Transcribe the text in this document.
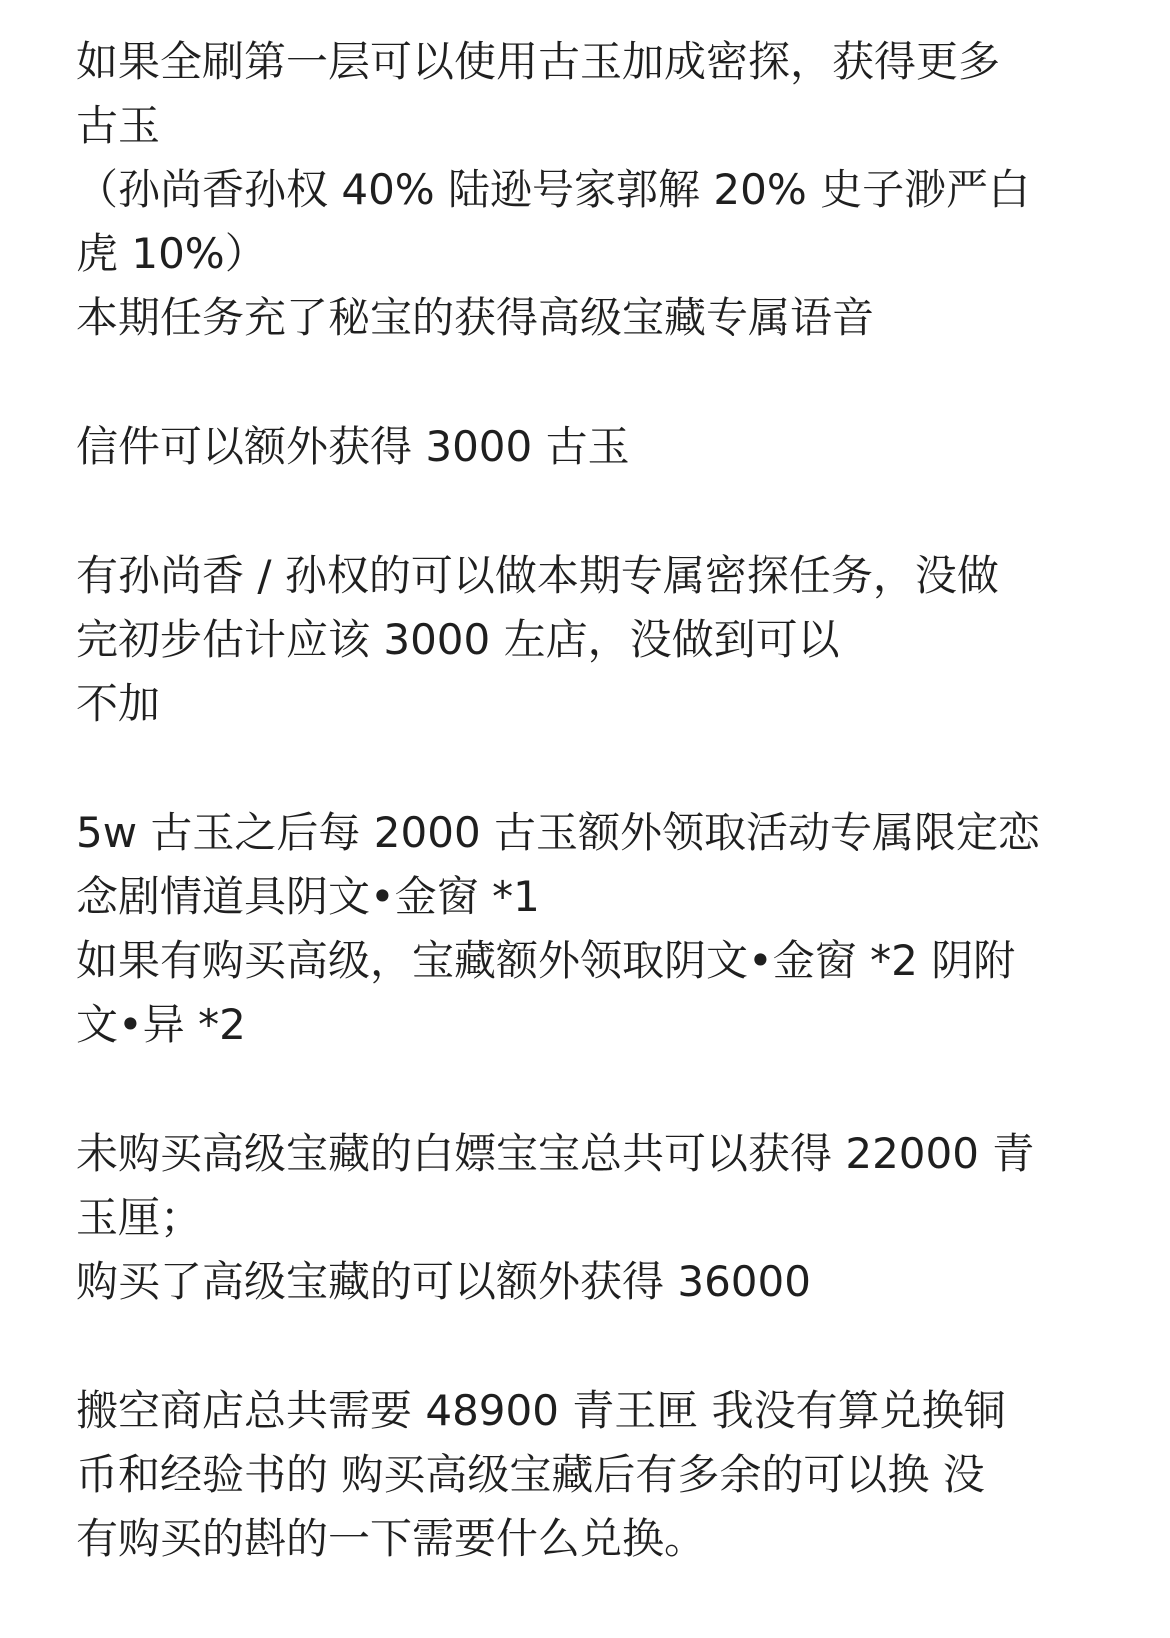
如果全刷第一层可以使用古玉加成密探，获得更多
古玉
（孙尚香孙权 40% 陆逊号家郭解 20% 史子渺严白
虎 10%）
本期任务充了秘宝的获得高级宝藏专属语音
信件可以额外获得 3000 古玉
有孙尚香 / 孙权的可以做本期专属密探任务，没做
完初步估计应该 3000 左店，没做到可以
不加
5w 古玉之后每 2000 古玉额外领取活动专属限定恋
念剧情道具阴文•金窗 *1
如果有购买高级，宝藏额外领取阴文•金窗 *2 阴附
文•异 *2
未购买高级宝藏的白嫖宝宝总共可以获得 22000 青
玉厘；
购买了高级宝藏的可以额外获得 36000
搬空商店总共需要 48900 青王匣 我没有算兑换铜
币和经验书的 购买高级宝藏后有多余的可以换 没
有购买的斟的一下需要什么兑换。
